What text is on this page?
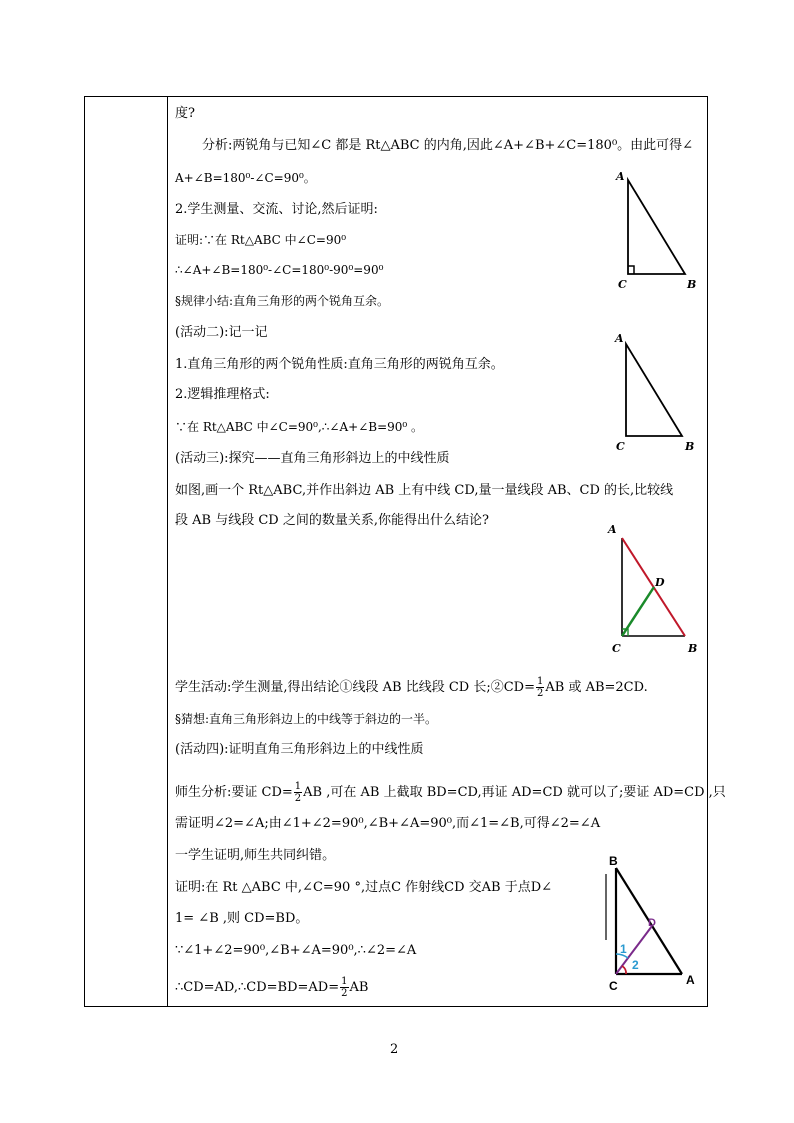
度?
分析:两锐角与已知∠C 都是 Rt△ABC 的内角,因此∠A+∠B+∠C=180⁰。由此可得∠
A+∠B=180⁰-∠C=90⁰。
2.学生测量、交流、讨论,然后证明:
证明:∵在 Rt△ABC 中∠C=90⁰
∴∠A+∠B=180⁰-∠C=180⁰-90⁰=90⁰
§规律小结:直角三角形的两个锐角互余。
(活动二):记一记
1.直角三角形的两个锐角性质:直角三角形的两锐角互余。
2.逻辑推理格式:
∵在 Rt△ABC 中∠C=90⁰,∴∠A+∠B=90⁰ 。
(活动三):探究——直角三角形斜边上的中线性质
如图,画一个 Rt△ABC,并作出斜边 AB 上有中线 CD,量一量线段 AB、CD 的长,比较线
段 AB 与线段 CD 之间的数量关系,你能得出什么结论?
学生活动:学生测量,得出结论①线段 AB 比线段 CD 长;②CD= $\frac{1}{2}$ AB 或 AB=2CD.
§猜想:直角三角形斜边上的中线等于斜边的一半。
(活动四):证明直角三角形斜边上的中线性质
师生分析:要证 $CD= \frac{1}{2}$ AB ,可在 AB 上截取 BD=CD,再证 AD=CD 就可以了;要证 AD=CD ,只
需证明∠2=∠A;由∠1+∠2=90⁰,∠B+∠A=90⁰,而∠1=∠B,可得∠2=∠A
一学生证明,师生共同纠错。
证明:在 Rt △ABC 中,∠C=90 °,过点C 作射线CD 交AB 于点D∠
1= ∠B ,则 CD=BD。
∵∠1+∠2=90⁰,∠B+∠A=90⁰,∴∠2=∠A
∴CD=AD,∴CD=BD=AD= $\frac{1}{2}$ AB
A
C	B
A
C	B
A
D
C	B
B
D
1
2
C	A
2
